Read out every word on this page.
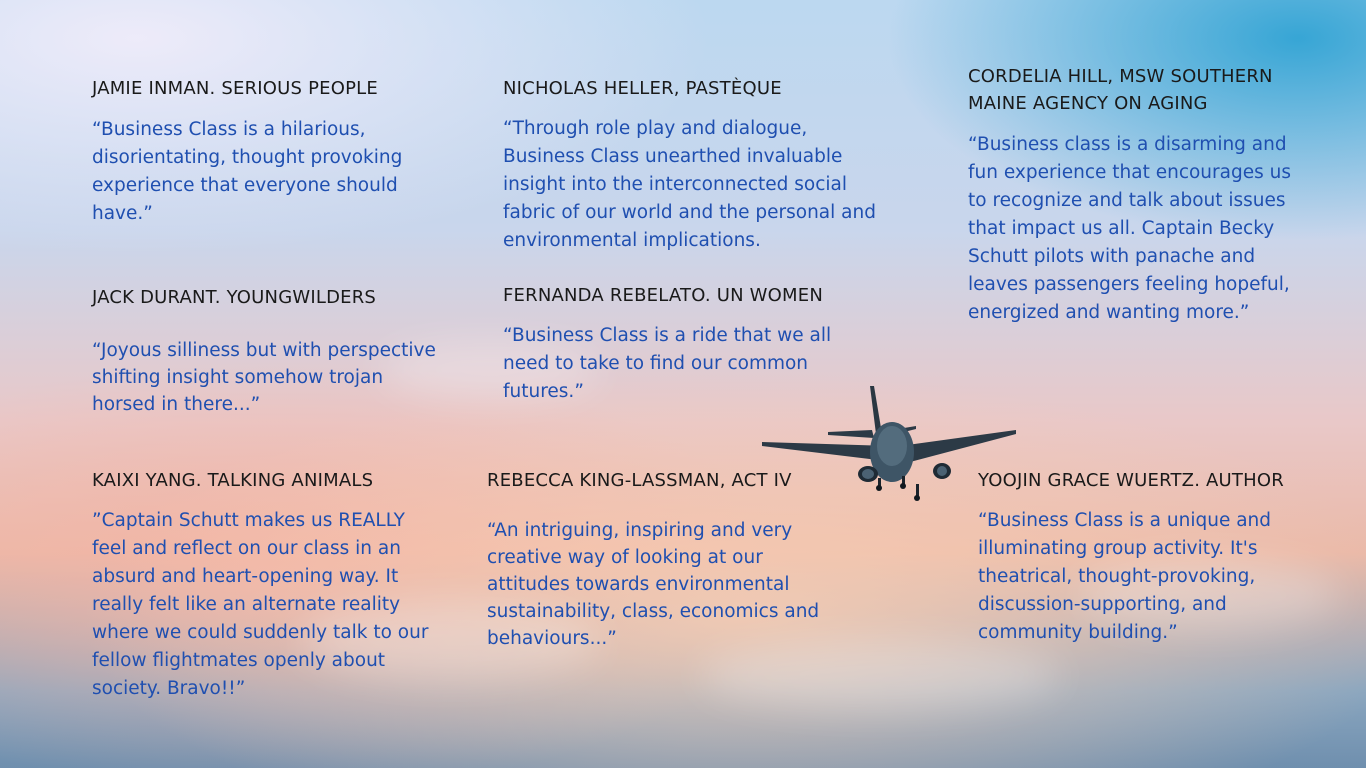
JAMIE INMAN. SERIOUS PEOPLE

“Business Class is a hilarious, disorientating, thought provoking experience that everyone should have.”

JACK DURANT. YOUNGWILDERS

“Joyous silliness but with perspective shifting insight somehow trojan horsed in there...”

KAIXI YANG. TALKING ANIMALS

”Captain Schutt makes us REALLY feel and reflect on our class in an absurd and heart-opening way. It really felt like an alternate reality where we could suddenly talk to our fellow flightmates openly about society. Bravo!!”

NICHOLAS HELLER, PASTÈQUE

“Through role play and dialogue, Business Class unearthed invaluable insight into the interconnected social fabric of our world and the personal and environmental implications.

FERNANDA REBELATO. UN WOMEN

“Business Class is a ride that we all need to take to find our common futures.”

REBECCA KING-LASSMAN, ACT IV

“An intriguing, inspiring and very creative way of looking at our attitudes towards environmental sustainability, class, economics and behaviours...”

CORDELIA HILL, MSW SOUTHERN MAINE AGENCY ON AGING

“Business class is a disarming and fun experience that encourages us to recognize and talk about issues that impact us all. Captain Becky Schutt pilots with panache and leaves passengers feeling hopeful, energized and wanting more.”

YOOJIN GRACE WUERTZ. AUTHOR

“Business Class is a unique and illuminating group activity. It's theatrical, thought-provoking, discussion-supporting, and community building.”
